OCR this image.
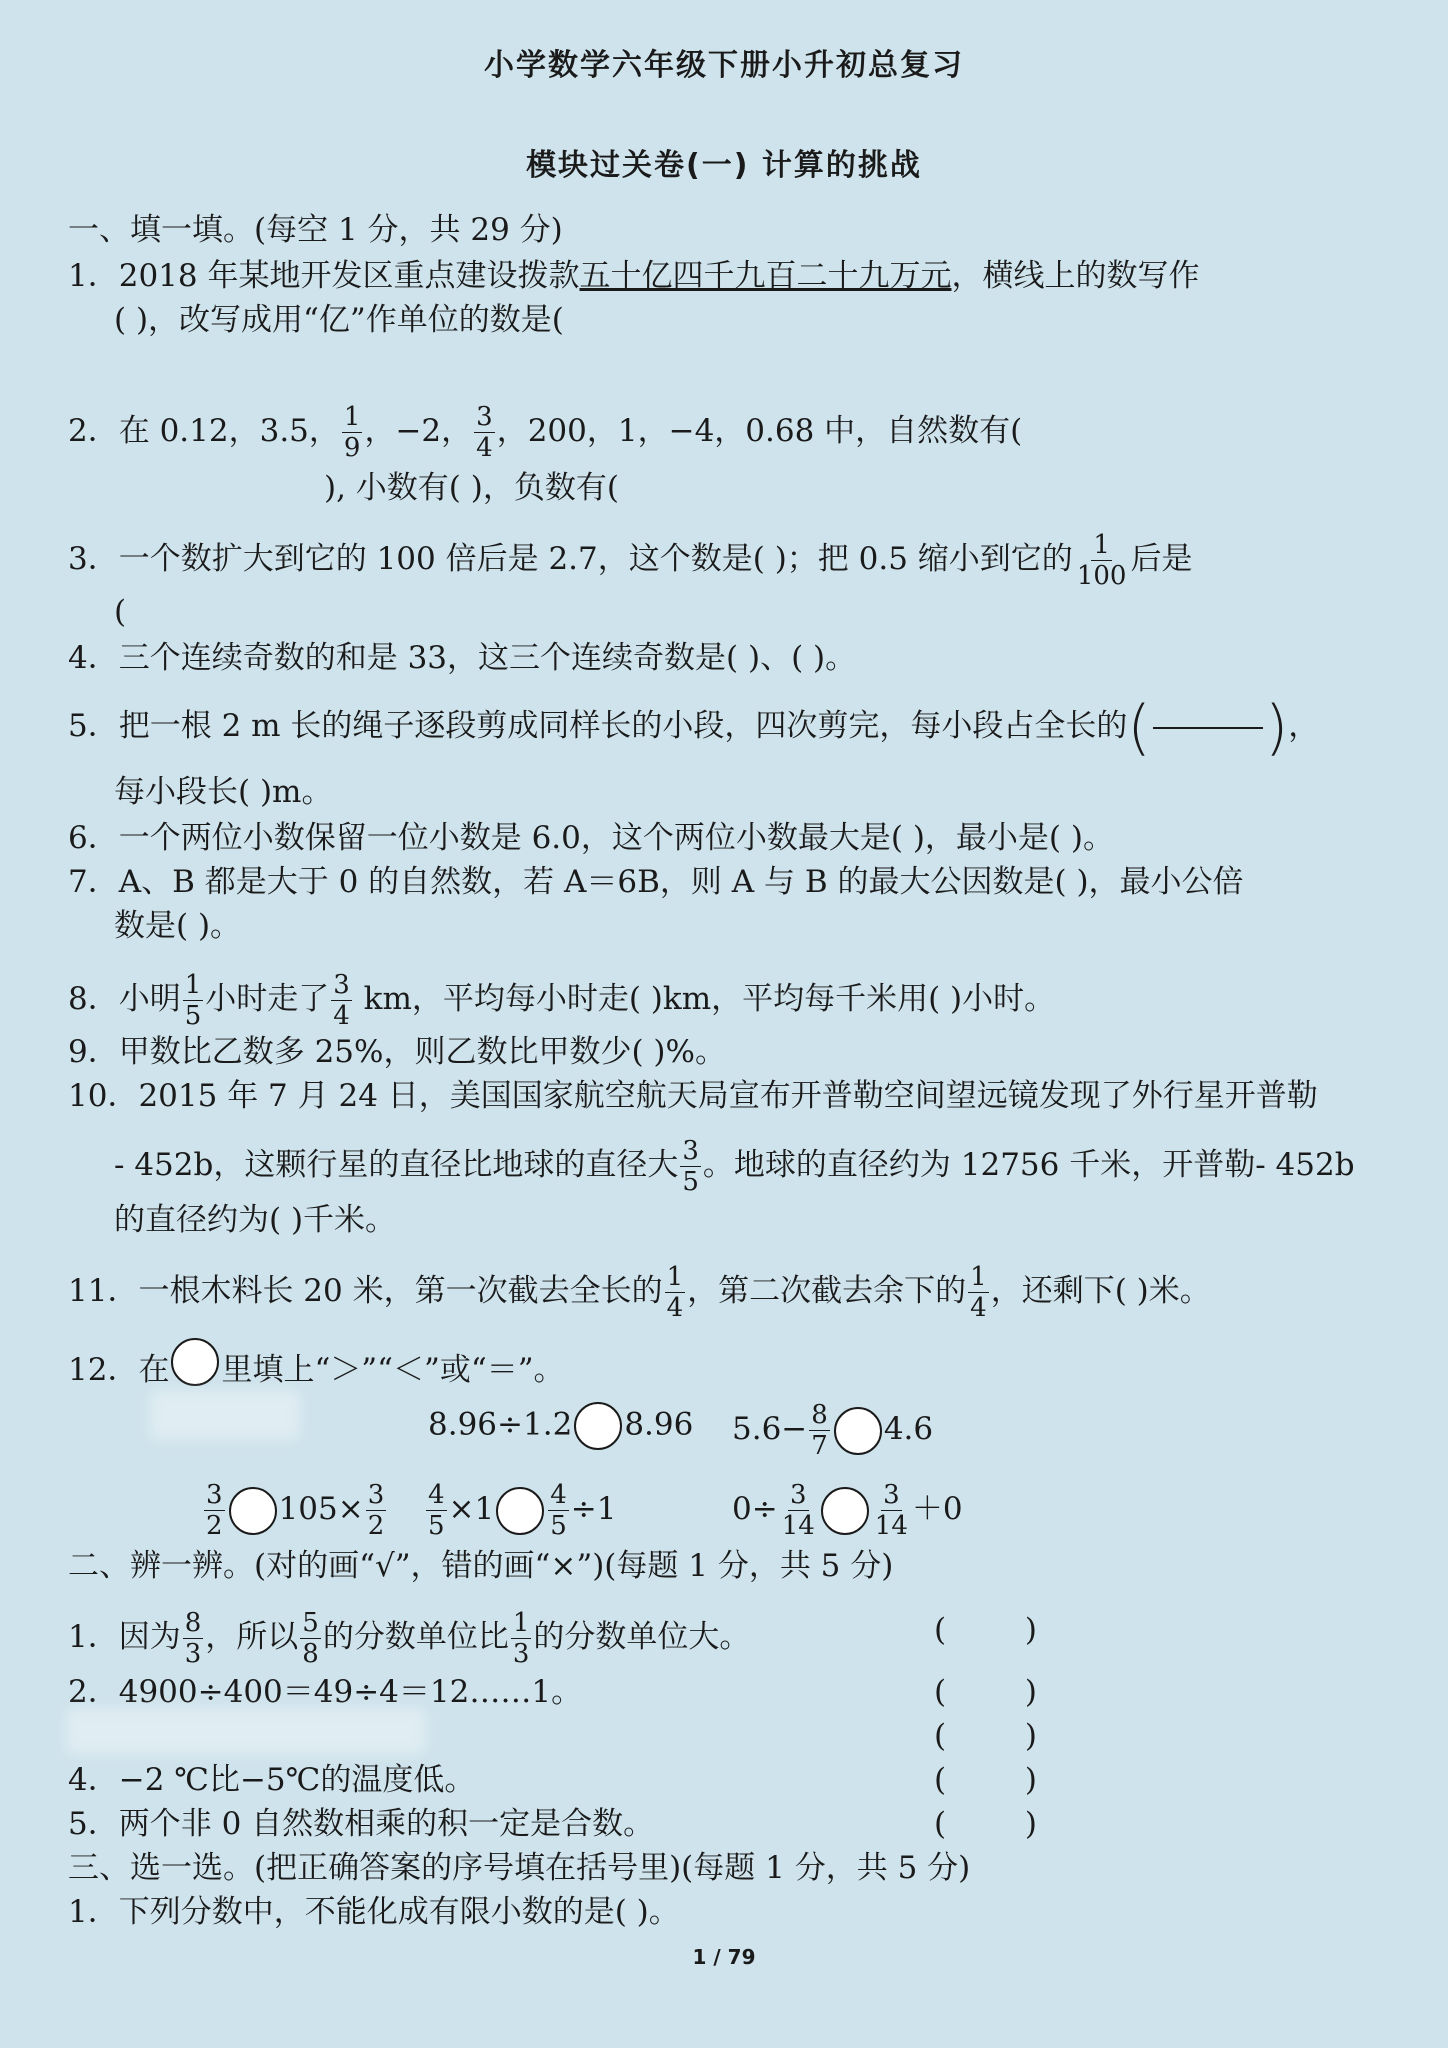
小学数学六年级下册小升初总复习
模块过关卷(一) 计算的挑战
一、填一填。(每空 1 分，共 29 分)
1．2018 年某地开发区重点建设拨款五十亿四千九百二十九万元，横线上的数写作
( )，改写成用“亿”作单位的数是(
2．在 0.12，3.5， $\frac{1}{9}$ ，−2， $\frac{3}{4}$ ，200，1，−4，0.68 中，自然数有(
), 小数有( )，负数有(
3．一个数扩大到它的 100 倍后是 2.7，这个数是( )；把 0.5 缩小到它的 $\frac{1}{100}$ 后是
(
4．三个连续奇数的和是 33，这三个连续奇数是( )、( )。
5．把一根 2 m 长的绳子逐段剪成同样长的小段，四次剪完，每小段占全长的( )，
每小段长( )m。
6．一个两位小数保留一位小数是 6.0，这个两位小数最大是( )，最小是( )。
7．A、B 都是大于 0 的自然数，若 A＝6B，则 A 与 B 的最大公因数是( )，最小公倍
数是( )。
8．小明 $\frac{1}{5}$ 小时走了 $\frac{3}{4}$ km，平均每小时走( )km，平均每千米用( )小时。
9．甲数比乙数多 25%，则乙数比甲数少( )%。
10．2015 年 7 月 24 日，美国国家航空航天局宣布开普勒空间望远镜发现了外行星开普勒
- 452b，这颗行星的直径比地球的直径大 $\frac{3}{5}$ 。地球的直径约为 12756 千米，开普勒- 452b
的直径约为( )千米。
11．一根木料长 20 米，第一次截去全长的 $\frac{1}{4}$ ，第二次截去余下的 $\frac{1}{4}$ ，还剩下( )米。
12．在 里填上“＞”“＜”或“＝”。
8.96÷1.2 8.96 $5.6- \frac{8}{7} 4.6$
$\frac{3}{2} 105\times \frac{3}{2} \frac{4}{5} \times 1 \frac{4}{5} \div 1$	$0\div \frac{3}{14} \frac{3}{14} +0$
二、辨一辨。(对的画“√”，错的画“×”)(每题 1 分，共 5 分)
1．因为 $\frac{8}{3}$ ，所以 $\frac{5}{8}$ 的分数单位比 $\frac{1}{3}$ 的分数单位大。	(        )
2．4900÷400＝49÷4＝12……1。	(        )
(        )
4．−2 ℃比−5℃的温度低。	(        )
5．两个非 0 自然数相乘的积一定是合数。	(        )
三、选一选。(把正确答案的序号填在括号里)(每题 1 分，共 5 分)
1．下列分数中，不能化成有限小数的是( )。
1 / 79
